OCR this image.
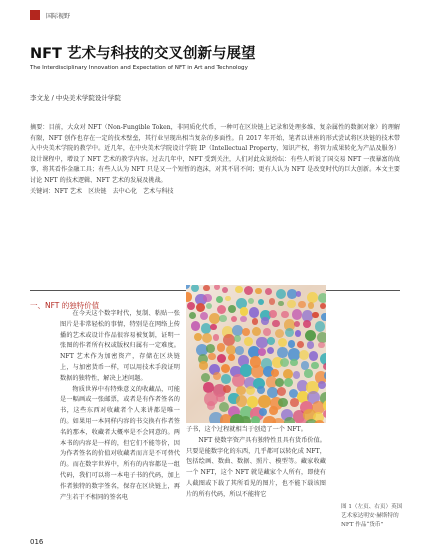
国际视野
NFT 艺术与科技的交叉创新与展望
The Interdisciplinary Innovation and Expectation of NFT in Art and Technology
李文龙 / 中央美术学院设计学院

摘要：目前，大众对 NFT（Non-Fungible Token，非同质化代币，一种可在区块链上记录和处理多维、复杂属性的数据对象）的理解有限，NFT 创作也存在一定的技术壁垒，其行业呈现出相当复杂的多面性。自 2017 年开始，笔者以讲座的形式尝试将区块链的技术带入中央美术学院的教学中。近几年，在中央美术学院设计学院 IP（Intellectual Property，知识产权，将智力成果转化为产品及服务）设计课程中，增设了 NFT 艺术的教学内容。过去几年中，NFT 受到关注，人们对此众说纷纭：有些人听说了国交易 NFT 一夜暴富的故事，将其看作金融工具；有些人认为 NFT 只是又一个短暂的泡沫，对其不屑不问；更有人认为 NFT 是改变时代的巨大创新。本文主要讨论 NFT 的技术逻辑、NFT 艺术的发展及挑战。

关键词：NFT 艺术　区块链　去中心化　艺术与科技

一、NFT 的独特价值

在今天这个数字时代，复制、粘贴一张图片是非常轻松的事情，特别是在网络上传播的艺术或设计作品很容易被复制，证明一张图的作者所有权或版权归属有一定难度。NFT 艺术作为加密资产，存储在区块链上，与加密货币一样，可以用技术手段证明数据的独特性，解决上述问题。

物质世界中有特殊意义的收藏品，可能是一幅画或一张邮票，或者是有作者签名的书，这些东西对收藏者个人来讲都是唯一的。如果用一本同样内容的书交换有作者签名的那本，收藏者大概率是不会同意的。两本书的内容是一样的，但它们不能等价，因为作者签名的价值对收藏者而言是不可替代的。而在数字世界中，所有的内容都是一组代码，我们可以将一本电子书的代码，加上作者独特的数字签名，保存在区块链上，再产生若干不相同的签名电

子书，这个过程就相当于创造了一个 NFT。

NFT 使数字资产具有独特性且具有货币价值。只要是能数字化的东西，几乎都可以转化成 NFT，包括绘画、数曲、数据、照片、模型等。藏家收藏一个 NFT，这个 NFT 就是藏家个人所有，即使有人截图或下载了其所看见的图片，也不能下载该图片的所有代码，所以不能将它

图 1（左页、右页）英国艺术家达明安·赫斯特的 NFT 作品“货币”
016
